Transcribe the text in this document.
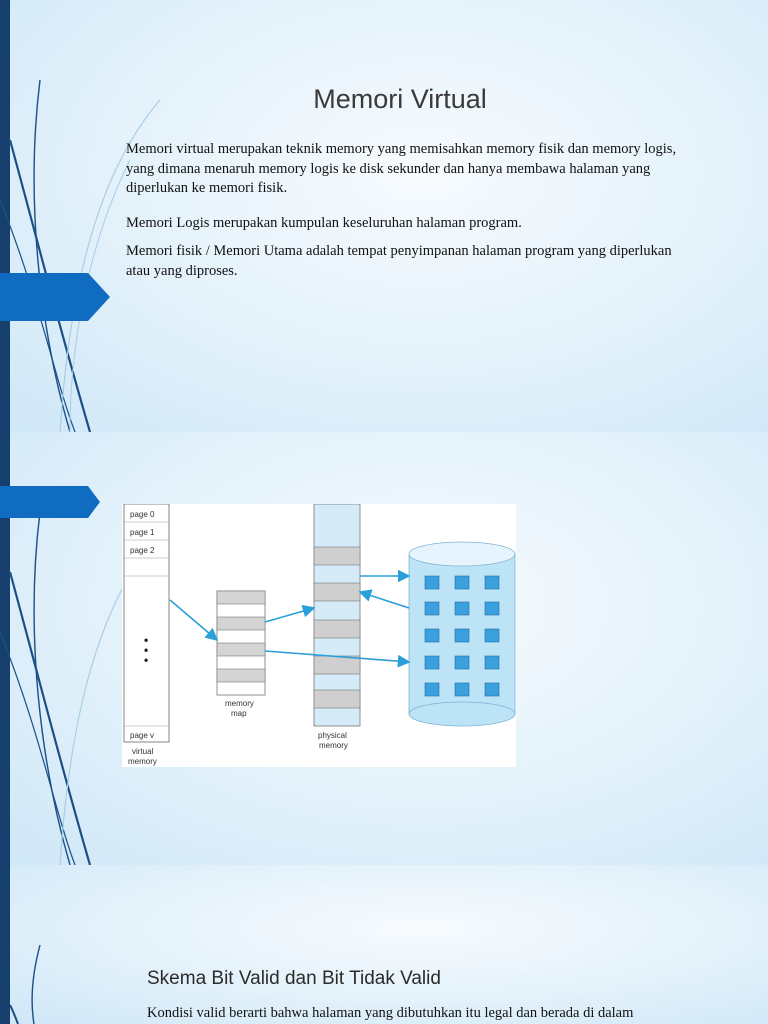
Memori Virtual
Memori virtual merupakan teknik memory yang memisahkan memory fisik dan memory logis, yang dimana menaruh memory logis ke disk sekunder dan hanya membawa halaman yang diperlukan ke memori fisik.
Memori Logis merupakan kumpulan keseluruhan halaman program.
Memori fisik / Memori Utama adalah tempat penyimpanan halaman program yang diperlukan atau yang diproses.
page 0
page 1
page 2
page v
• • •
virtual
memory
memory
map
physical
memory
Skema Bit Valid dan Bit Tidak Valid
Kondisi valid berarti bahwa halaman yang dibutuhkan itu legal dan berada di dalam
